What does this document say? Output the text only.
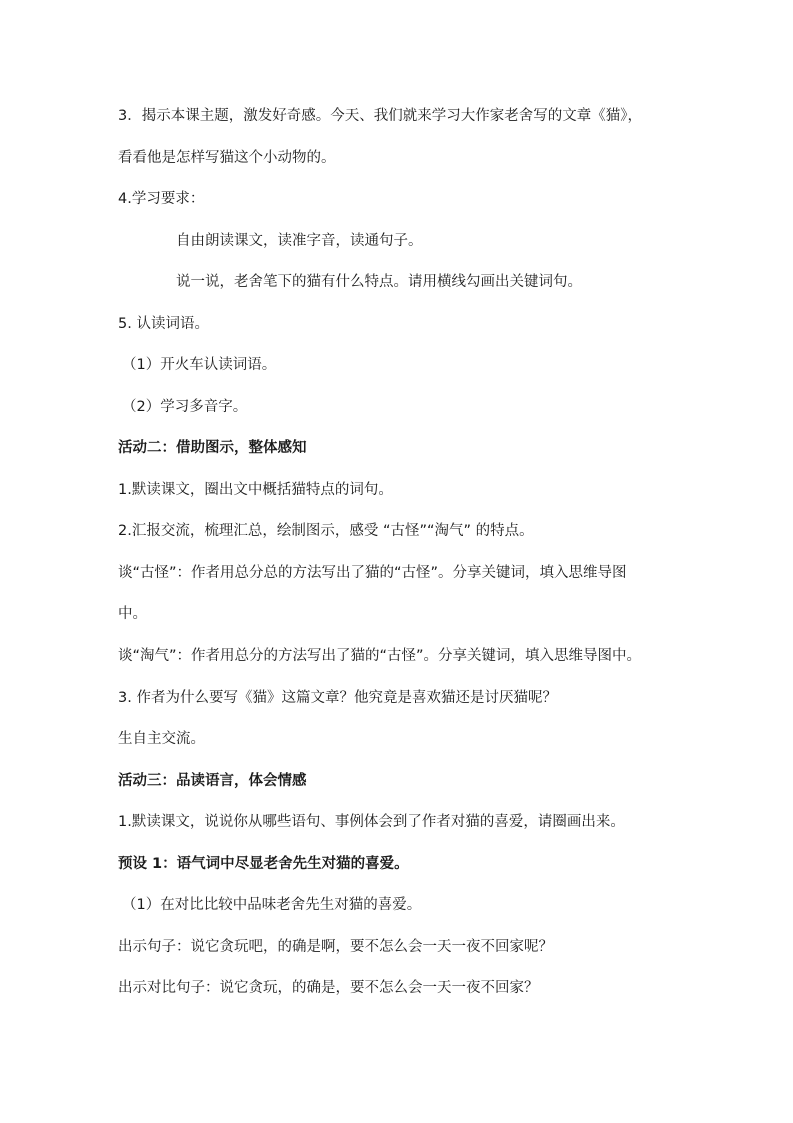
3．揭示本课主题，激发好奇感。今天、我们就来学习大作家老舍写的文章《猫》，
看看他是怎样写猫这个小动物的。
4.学习要求：
自由朗读课文，读准字音，读通句子。
说一说，老舍笔下的猫有什么特点。请用横线勾画出关键词句。
5. 认读词语。
（1）开火车认读词语。
（2）学习多音字。
活动二：借助图示，整体感知
1.默读课文，圈出文中概括猫特点的词句。
2.汇报交流，梳理汇总，绘制图示，感受 “古怪”“淘气” 的特点。
谈“古怪”：作者用总分总的方法写出了猫的“古怪”。分享关键词，填入思维导图
中。
谈“淘气”：作者用总分的方法写出了猫的“古怪”。分享关键词，填入思维导图中。
3. 作者为什么要写《猫》这篇文章？他究竟是喜欢猫还是讨厌猫呢？
生自主交流。
活动三：品读语言，体会情感
1.默读课文，说说你从哪些语句、事例体会到了作者对猫的喜爱，请圈画出来。
预设 1：语气词中尽显老舍先生对猫的喜爱。
（1）在对比比较中品味老舍先生对猫的喜爱。
出示句子：说它贪玩吧，的确是啊，要不怎么会一天一夜不回家呢？
出示对比句子：说它贪玩，的确是，要不怎么会一天一夜不回家？
